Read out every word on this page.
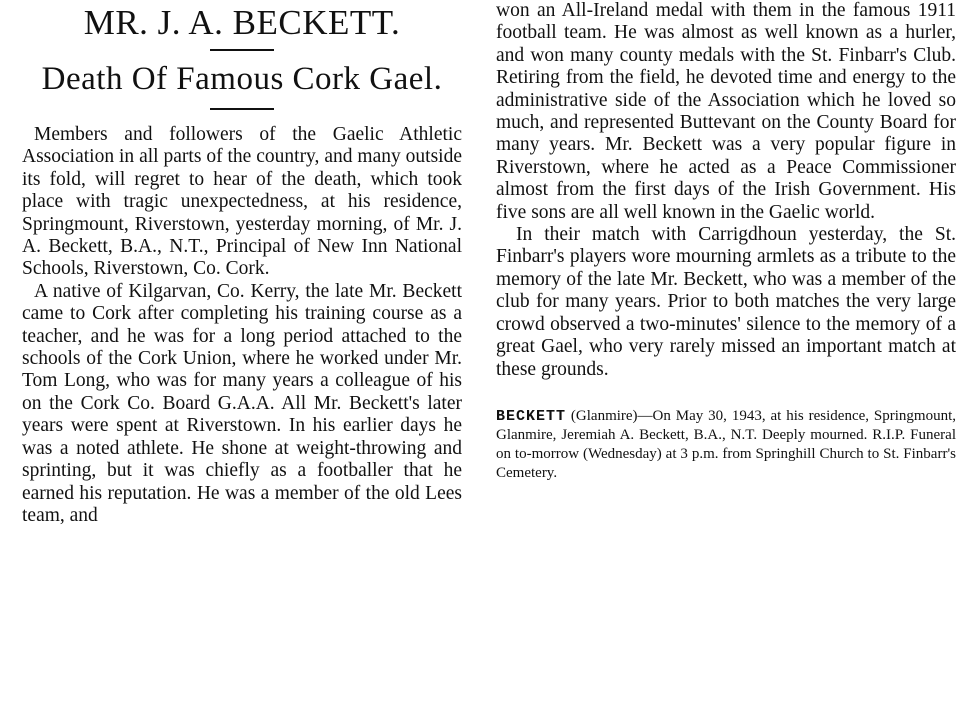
MR. J. A. BECKETT.
Death Of Famous Cork Gael.

Members and followers of the Gaelic Athletic Association in all parts of the country, and many outside its fold, will regret to hear of the death, which took place with tragic unexpectedness, at his residence, Springmount, Riverstown, yesterday morning, of Mr. J. A. Beckett, B.A., N.T., Principal of New Inn National Schools, Riverstown, Co. Cork.

A native of Kilgarvan, Co. Kerry, the late Mr. Beckett came to Cork after completing his training course as a teacher, and he was for a long period attached to the schools of the Cork Union, where he worked under Mr. Tom Long, who was for many years a colleague of his on the Cork Co. Board G.A.A. All Mr. Beckett's later years were spent at Riverstown. In his earlier days he was a noted athlete. He shone at weight-throwing and sprinting, but it was chiefly as a footballer that he earned his reputation. He was a member of the old Lees team, and

won an All-Ireland medal with them in the famous 1911 football team. He was almost as well known as a hurler, and won many county medals with the St. Finbarr's Club. Retiring from the field, he devoted time and energy to the administrative side of the Association which he loved so much, and represented Buttevant on the County Board for many years. Mr. Beckett was a very popular figure in Riverstown, where he acted as a Peace Commissioner almost from the first days of the Irish Government. His five sons are all well known in the Gaelic world.

In their match with Carrigdhoun yesterday, the St. Finbarr's players wore mourning armlets as a tribute to the memory of the late Mr. Beckett, who was a member of the club for many years. Prior to both matches the very large crowd observed a two-minutes' silence to the memory of a great Gael, who very rarely missed an important match at these grounds.

BECKETT (Glanmire)—On May 30, 1943, at his residence, Springmount, Glanmire, Jeremiah A. Beckett, B.A., N.T. Deeply mourned. R.I.P. Funeral on to-morrow (Wednesday) at 3 p.m. from Springhill Church to St. Finbarr's Cemetery.
